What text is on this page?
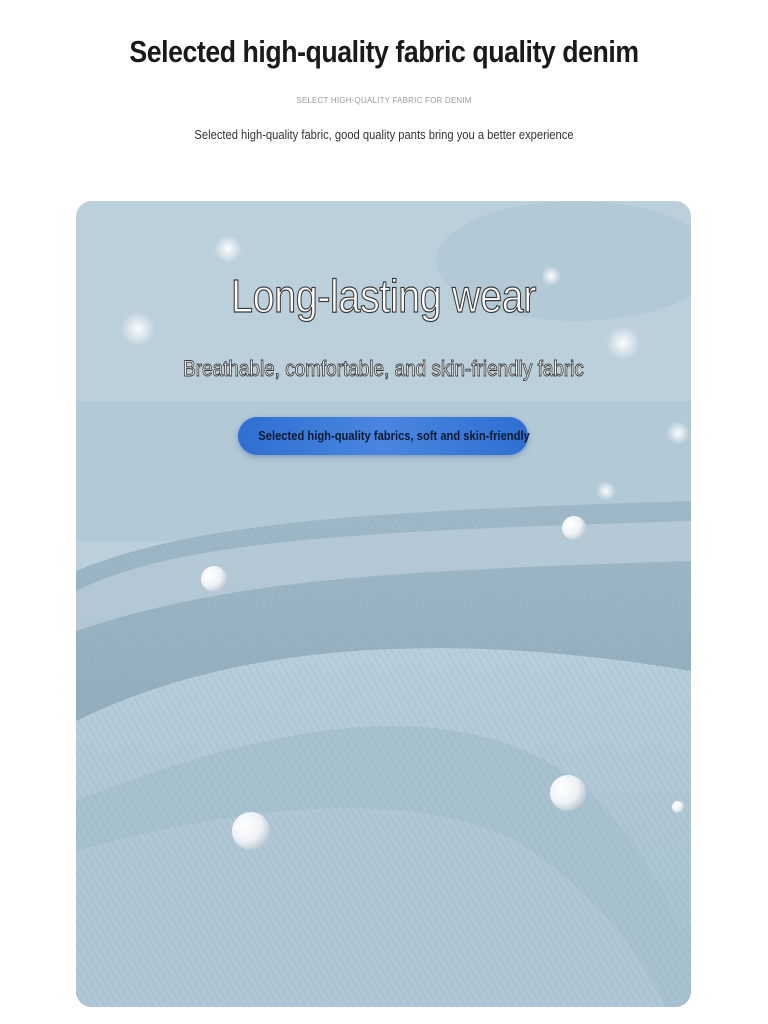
Selected high-quality fabric quality denim
SELECT HIGH-QUALITY FABRIC FOR DENIM
Selected high-quality fabric, good quality pants bring you a better experience
Long-lasting wear
Breathable, comfortable, and skin-friendly fabric
Selected high-quality fabrics, soft and skin-friendly
